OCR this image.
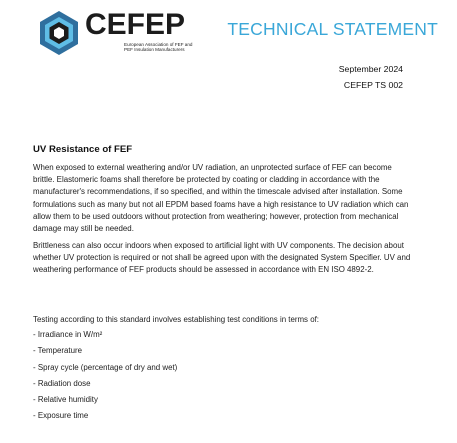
CEFEP
European Association of FEF and PEF Insulation Manufacturers
TECHNICAL STATEMENT
September 2024
CEFEP TS 002
UV Resistance of FEF

When exposed to external weathering and/or UV radiation, an unprotected surface of FEF can become brittle. Elastomeric foams shall therefore be protected by coating or cladding in accordance with the manufacturer's recommendations, if so specified, and within the timescale advised after installation. Some formulations such as many but not all EPDM based foams have a high resistance to UV radiation which can allow them to be used outdoors without protection from weathering; however, protection from mechanical damage may still be needed.

Brittleness can also occur indoors when exposed to artificial light with UV components. The decision about whether UV protection is required or not shall be agreed upon with the designated System Specifier. UV and weathering performance of FEF products should be assessed in accordance with EN ISO 4892-2.

Testing according to this standard involves establishing test conditions in terms of:

- Irradiance in W/m²
- Temperature
- Spray cycle (percentage of dry and wet)
- Radiation dose
- Relative humidity
- Exposure time
